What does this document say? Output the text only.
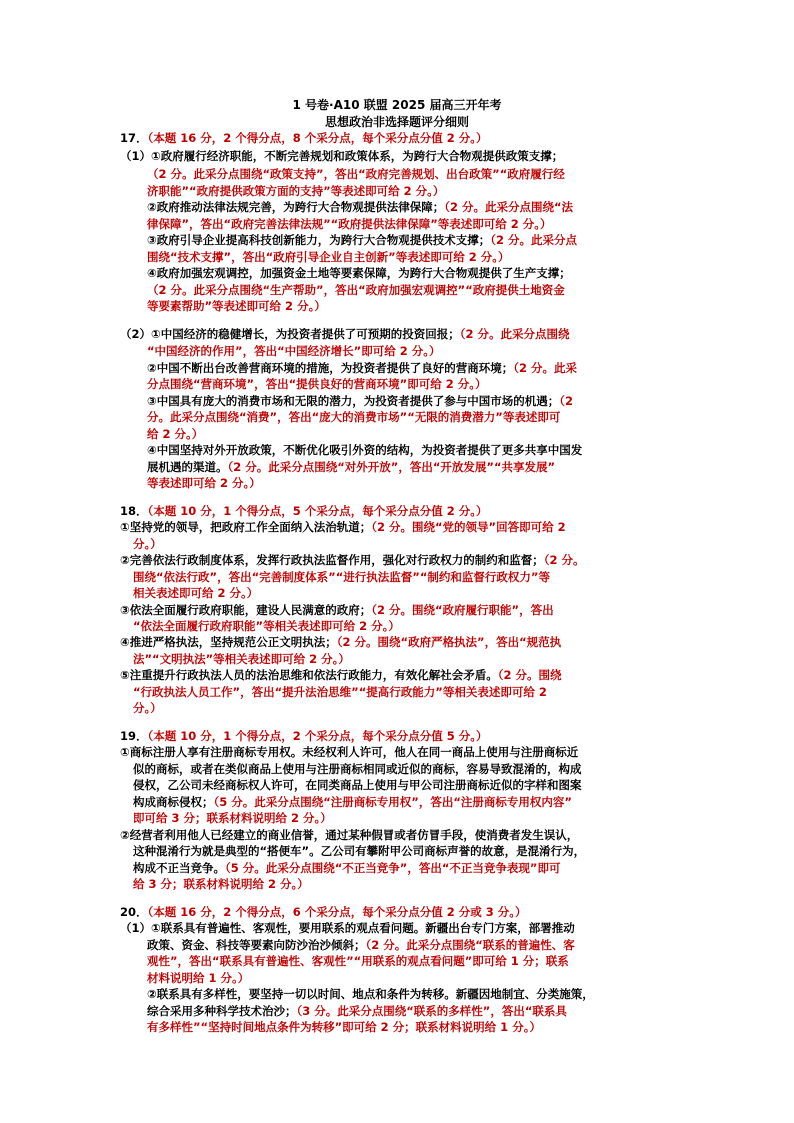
1 号卷·A10 联盟 2025 届高三开年考
思想政治非选择题评分细则
17．（本题 16 分，2 个得分点，8 个采分点，每个采分点分值 2 分。）
（1）①政府履行经济职能，不断完善规划和政策体系，为跨行大合物观提供政策支撑；
（2 分。此采分点围绕“政策支持”，答出“政府完善规划、出台政策”“政府履行经
济职能”“政府提供政策方面的支持”等表述即可给 2 分。）
②政府推动法律法规完善，为跨行大合物观提供法律保障；（2 分。此采分点围绕“法
律保障”，答出“政府完善法律法规”“政府提供法律保障”等表述即可给 2 分。）
③政府引导企业提高科技创新能力，为跨行大合物观提供技术支撑；（2 分。此采分点
围绕“技术支撑”，答出“政府引导企业自主创新”等表述即可给 2 分。）
④政府加强宏观调控，加强资金土地等要素保障，为跨行大合物观提供了生产支撑；
（2 分。此采分点围绕“生产帮助”，答出“政府加强宏观调控”“政府提供土地资金
等要素帮助”等表述即可给 2 分。）
（2）①中国经济的稳健增长，为投资者提供了可预期的投资回报；（2 分。此采分点围绕
“中国经济的作用”，答出“中国经济增长”即可给 2 分。）
②中国不断出台改善营商环境的措施，为投资者提供了良好的营商环境；（2 分。此采
分点围绕“营商环境”，答出“提供良好的营商环境”即可给 2 分。）
③中国具有庞大的消费市场和无限的潜力，为投资者提供了参与中国市场的机遇；（2
分。此采分点围绕“消费”，答出“庞大的消费市场”“无限的消费潜力”等表述即可
给 2 分。）
④中国坚持对外开放政策，不断优化吸引外资的结构，为投资者提供了更多共享中国发
展机遇的渠道。（2 分。此采分点围绕“对外开放”，答出“开放发展”“共享发展”
等表述即可给 2 分。）
18．（本题 10 分，1 个得分点，5 个采分点，每个采分点分值 2 分。）
①坚持党的领导，把政府工作全面纳入法治轨道；（2 分。围绕“党的领导”回答即可给 2
分。）
②完善依法行政制度体系，发挥行政执法监督作用，强化对行政权力的制约和监督；（2 分。
围绕“依法行政”，答出“完善制度体系”“进行执法监督”“制约和监督行政权力”等
相关表述即可给 2 分。）
③依法全面履行政府职能，建设人民满意的政府；（2 分。围绕“政府履行职能”，答出
“依法全面履行政府职能”等相关表述即可给 2 分。）
④推进严格执法，坚持规范公正文明执法；（2 分。围绕“政府严格执法”，答出“规范执
法”“文明执法”等相关表述即可给 2 分。）
⑤注重提升行政执法人员的法治思维和依法行政能力，有效化解社会矛盾。（2 分。围绕
“行政执法人员工作”，答出“提升法治思维”“提高行政能力”等相关表述即可给 2
分。）
19．（本题 10 分，1 个得分点，2 个采分点，每个采分点分值 5 分。）
①商标注册人享有注册商标专用权。未经权利人许可，他人在同一商品上使用与注册商标近
似的商标，或者在类似商品上使用与注册商标相同或近似的商标，容易导致混淆的，构成
侵权，乙公司未经商标权人许可，在同类商品上使用与甲公司注册商标近似的字样和图案
构成商标侵权；（5 分。此采分点围绕“注册商标专用权”，答出“注册商标专用权内容”
即可给 3 分；联系材料说明给 2 分。）
②经营者利用他人已经建立的商业信誉，通过某种假冒或者仿冒手段，使消费者发生误认，
这种混淆行为就是典型的“搭便车”。乙公司有攀附甲公司商标声誉的故意，是混淆行为，
构成不正当竞争。（5 分。此采分点围绕“不正当竞争”，答出“不正当竞争表现”即可
给 3 分；联系材料说明给 2 分。）
20．（本题 16 分，2 个得分点，6 个采分点，每个采分点分值 2 分或 3 分。）
（1）①联系具有普遍性、客观性，要用联系的观点看问题。新疆出台专门方案，部署推动
政策、资金、科技等要素向防沙治沙倾斜；（2 分。此采分点围绕“联系的普遍性、客
观性”，答出“联系具有普遍性、客观性”“用联系的观点看问题”即可给 1 分；联系
材料说明给 1 分。）
②联系具有多样性，要坚持一切以时间、地点和条件为转移。新疆因地制宜、分类施策，
综合采用多种科学技术治沙；（3 分。此采分点围绕“联系的多样性”，答出“联系具
有多样性”“坚持时间地点条件为转移”即可给 2 分；联系材料说明给 1 分。）
